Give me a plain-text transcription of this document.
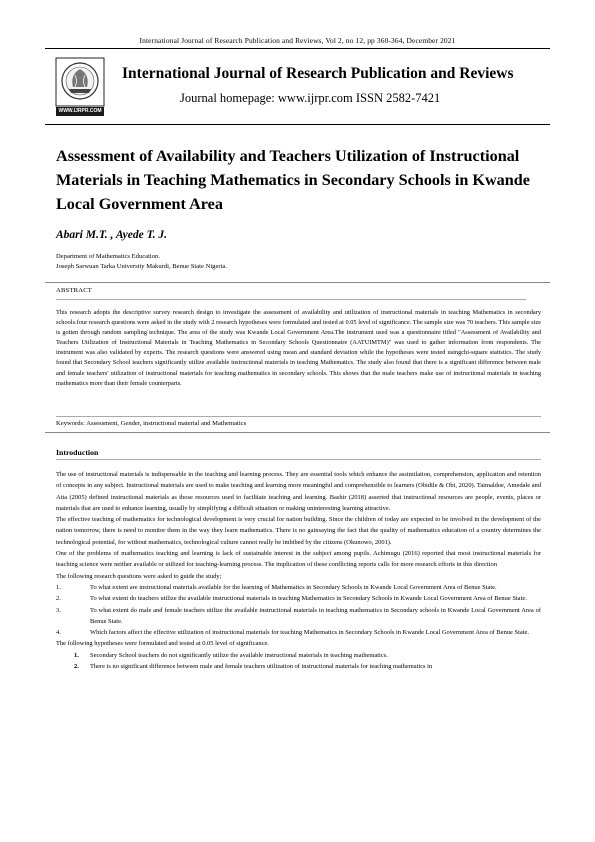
International Journal of Research Publication and Reviews, Vol 2, no 12, pp 360-364, December 2021
WWW.IJRPR.COM
International Journal of Research Publication and Reviews
Journal homepage: www.ijrpr.com ISSN 2582-7421
Assessment of Availability and Teachers Utilization of Instructional Materials in Teaching Mathematics in Secondary Schools in Kwande Local Government Area
Abari M.T. , Ayede T. J.
Department of Mathematics Education.
Joseph Sarwuan Tarka University Makurdi, Benue State Nigeria.
ABSTRACT
This research adopts the descriptive survey research design to investigate the assessment of availability and utilization of instructional materials in teaching Mathematics in secondary schools.four research questions were asked in the study with 2 research hypotheses were formulated and tested at 0.05 level of significance. The sample size was 70 teachers. This sample size is gotten through random sampling technique. The area of the study was Kwande Local Government Area.The instrument used was a questionnaire titled "Assessment of Availability and Teachers Utilization of Instructional Materials in Teaching Mathematics in Secondary Schools Questionnaire (AATUIMTM)" was used to gather information from respondents. The instrument was also validated by experts. The research questions were answered using mean and standard deviation while the hypotheses were tested usingchi-square statistics. The study found that Secondary School teachers significantly utilize available instructional materials in teaching Mathematics. The study also found that there is a significant difference between male and female teachers' utilization of instructional materials for teaching mathematics in secondary schools. This shows that the male teachers make use of instructional materials in teaching mathematics more than their female counterparts.
Keywords: Assessment, Gender, instructional material and Mathematics
Introduction

The use of instructional materials is indispensable in the teaching and learning process. They are essential tools which enhance the assimilation, comprehension, application and retention of concepts in any subject. Instructional materials are used to make teaching and learning more meaningful and comprehensible to learners (Obidile & Obi, 2020). Taimaldoe, Amedale and Atta (2005) defined instructional materials as those resources used to facilitate teaching and learning. Bashir (2018) asserted that instructional resources are people, events, places or materials that are used to enhance learning, usually by simplifying a difficult situation or making uninteresting learning attractive.

The effective teaching of mathematics for technological development is very crucial for nation building. Since the children of today are expected to be involved in the development of the nation tomorrow, there is need to monitor them in the way they learn mathematics. There is no gainsaying the fact that the quality of mathematics education of a country determines the technological potential, for without mathematics, technological culture cannot really be imbibed by the citizens (Okunowo, 2001).

One of the problems of mathematics teaching and learning is lack of sustainable interest in the subject among pupils. Achimugu (2016) reported that most instructional materials for teaching science were neither available or utilized for teaching-learning process. The implication of these conflicting reports calls for more research efforts in this direction

The following research questions were asked to guide the study;

1.	To what extent are instructional materials available for the learning of Mathematics in Secondary Schools in Kwande Local Government Area of Benue State.
2.	To what extent do teachers utilize the available instructional materials in teaching Mathematics in Secondary Schools in Kwande Local Government Area of Benue State.
3.	To what extent do male and female teachers utilize the available instructional materials in teaching mathematics in Secondary schools in Kwande Local Government Area of Benue State.
4.	Which factors affect the effective utilization of instructional materials for teaching Mathematics in Secondary Schools in Kwande Local Government Area of Benue State.

The following hypotheses were formulated and tested at 0.05 level of significance.

1. Secondary School teachers do not significantly utilize the available instructional materials in teaching mathematics.
2. There is no significant difference between male and female teachers utilization of instructional materials for teaching mathematics in
